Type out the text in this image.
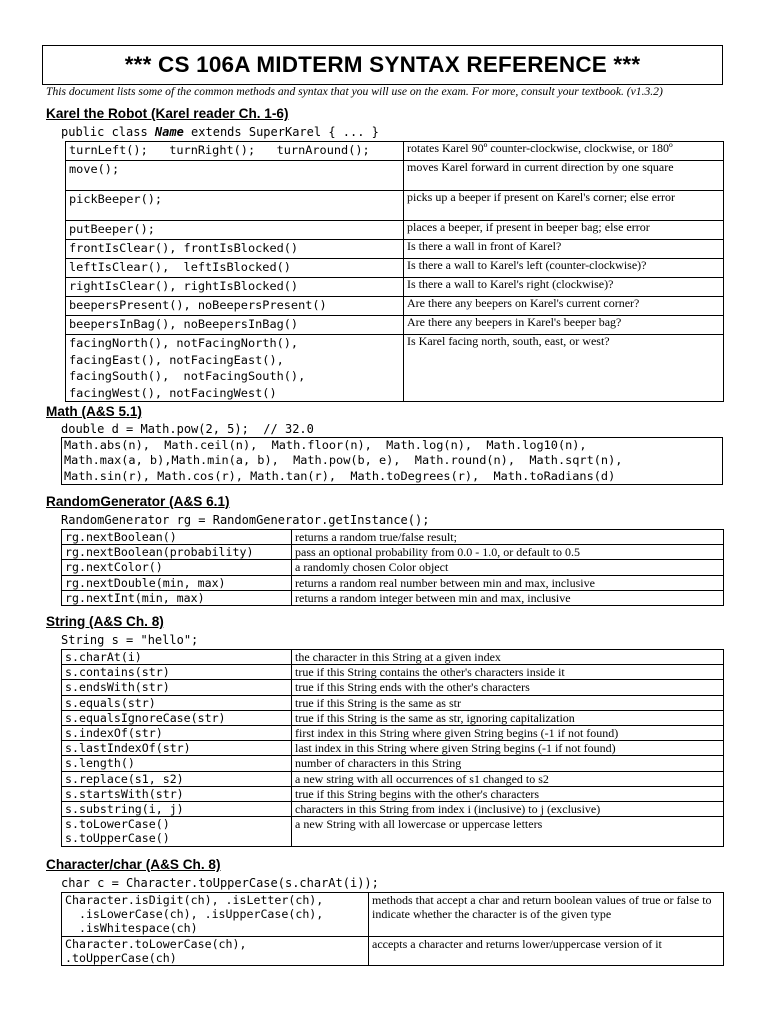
*** CS 106A MIDTERM SYNTAX REFERENCE ***
This document lists some of the common methods and syntax that you will use on the exam. For more, consult your textbook. (v1.3.2)
Karel the Robot (Karel reader Ch. 1-6)
public class Name extends SuperKarel { ... }
turnLeft();   turnRight();   turnAround();	rotates Karel 90º counter-clockwise, clockwise, or 180º
move();	moves Karel forward in current direction by one square
pickBeeper();	picks up a beeper if present on Karel's corner; else error
putBeeper();	places a beeper, if present in beeper bag; else error
frontIsClear(), frontIsBlocked()	Is there a wall in front of Karel?
leftIsClear(),  leftIsBlocked()	Is there a wall to Karel's left (counter-clockwise)?
rightIsClear(), rightIsBlocked()	Is there a wall to Karel's right (clockwise)?
beepersPresent(), noBeepersPresent()	Are there any beepers on Karel's current corner?
beepersInBag(), noBeepersInBag()	Are there any beepers in Karel's beeper bag?
facingNorth(), notFacingNorth(),
facingEast(), notFacingEast(),
facingSouth(),  notFacingSouth(),
facingWest(), notFacingWest()	Is Karel facing north, south, east, or west?
Math (A&S 5.1)
double d = Math.pow(2, 5);  // 32.0
Math.abs(n),  Math.ceil(n),  Math.floor(n),  Math.log(n),  Math.log10(n),
Math.max(a, b),Math.min(a, b),  Math.pow(b, e),  Math.round(n),  Math.sqrt(n),
Math.sin(r), Math.cos(r), Math.tan(r),  Math.toDegrees(r),  Math.toRadians(d)
RandomGenerator (A&S 6.1)
RandomGenerator rg = RandomGenerator.getInstance();
rg.nextBoolean()	returns a random true/false result;
rg.nextBoolean(probability)	pass an optional probability from 0.0 - 1.0, or default to 0.5
rg.nextColor()	a randomly chosen Color object
rg.nextDouble(min, max)	returns a random real number between min and max, inclusive
rg.nextInt(min, max)	returns a random integer between min and max, inclusive
String (A&S Ch. 8)
String s = "hello";
s.charAt(i)	the character in this String at a given index
s.contains(str)	true if this String contains the other's characters inside it
s.endsWith(str)	true if this String ends with the other's characters
s.equals(str)	true if this String is the same as str
s.equalsIgnoreCase(str)	true if this String is the same as str, ignoring capitalization
s.indexOf(str)	first index in this String where given String begins (-1 if not found)
s.lastIndexOf(str)	last index in this String where given String begins (-1 if not found)
s.length()	number of characters in this String
s.replace(s1, s2)	a new string with all occurrences of s1 changed to s2
s.startsWith(str)	true if this String begins with the other's characters
s.substring(i, j)	characters in this String from index i (inclusive) to j (exclusive)
s.toLowerCase()
s.toUpperCase()	a new String with all lowercase or uppercase letters
Character/char (A&S Ch. 8)
char c = Character.toUpperCase(s.charAt(i));
Character.isDigit(ch), .isLetter(ch),
.isLowerCase(ch), .isUpperCase(ch),
.isWhitespace(ch)	methods that accept a char and return boolean values of true or false to indicate whether the character is of the given type
Character.toLowerCase(ch),
.toUpperCase(ch)	accepts a character and returns lower/uppercase version of it
